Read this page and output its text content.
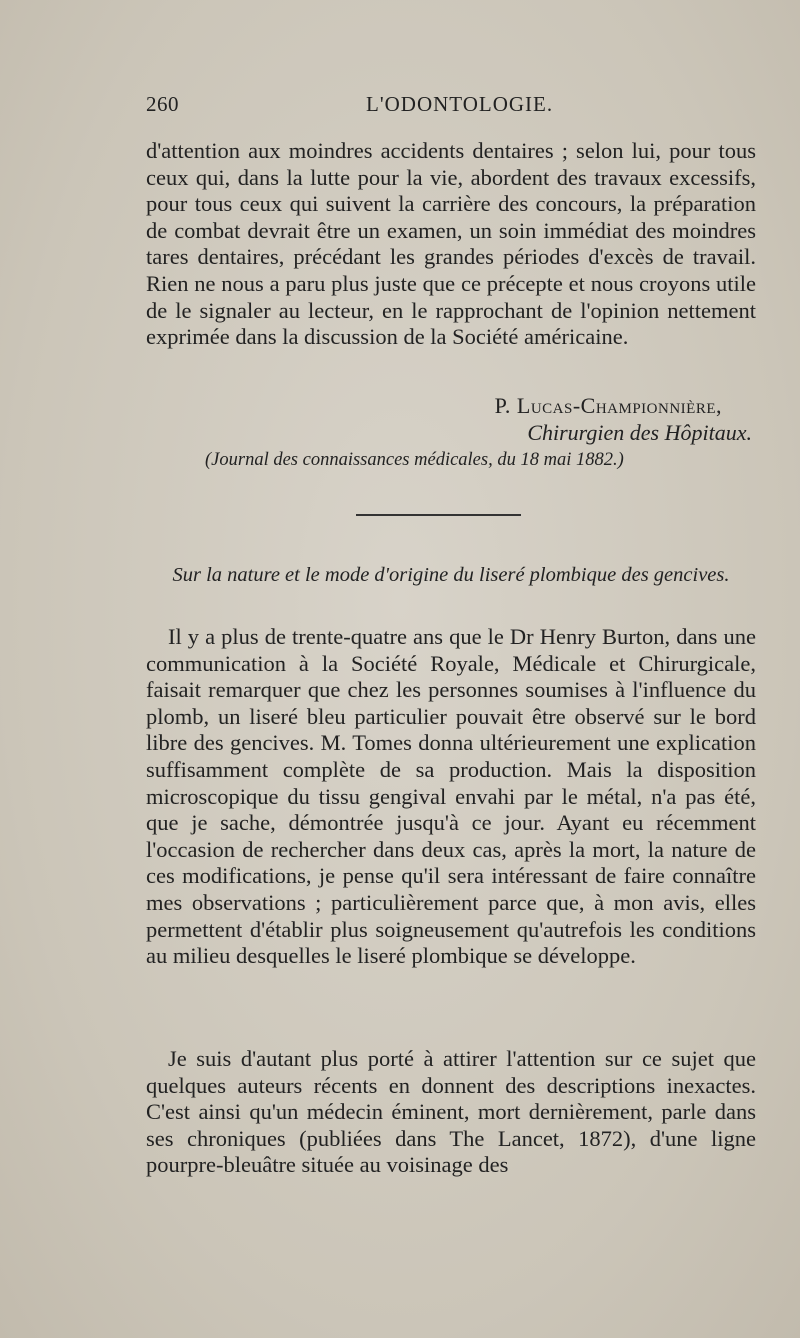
260	L'ODONTOLOGIE.

d'attention aux moindres accidents dentaires ; selon lui, pour tous ceux qui, dans la lutte pour la vie, abordent des travaux excessifs, pour tous ceux qui suivent la carrière des concours, la préparation de combat devrait être un examen, un soin immédiat des moindres tares dentaires, précédant les grandes périodes d'excès de travail. Rien ne nous a paru plus juste que ce précepte et nous croyons utile de le signaler au lecteur, en le rapprochant de l'opinion nettement exprimée dans la discussion de la Société américaine.

P. Lucas-Championnière,
Chirurgien des Hôpitaux.
(Journal des connaissances médicales, du 18 mai 1882.)
Sur la nature et le mode d'origine du liseré plombique des gencives.

Il y a plus de trente-quatre ans que le Dr Henry Burton, dans une communication à la Société Royale, Médicale et Chirurgicale, faisait remarquer que chez les personnes soumises à l'influence du plomb, un liseré bleu particulier pouvait être observé sur le bord libre des gencives. M. Tomes donna ultérieurement une explication suffisamment complète de sa production. Mais la disposition microscopique du tissu gengival envahi par le métal, n'a pas été, que je sache, démontrée jusqu'à ce jour. Ayant eu récemment l'occasion de rechercher dans deux cas, après la mort, la nature de ces modifications, je pense qu'il sera intéressant de faire connaître mes observations ; particulièrement parce que, à mon avis, elles permettent d'établir plus soigneusement qu'autrefois les conditions au milieu desquelles le liseré plombique se développe.

Je suis d'autant plus porté à attirer l'attention sur ce sujet que quelques auteurs récents en donnent des descriptions inexactes. C'est ainsi qu'un médecin éminent, mort dernièrement, parle dans ses chroniques (publiées dans The Lancet, 1872), d'une ligne pourpre-bleuâtre située au voisinage des
